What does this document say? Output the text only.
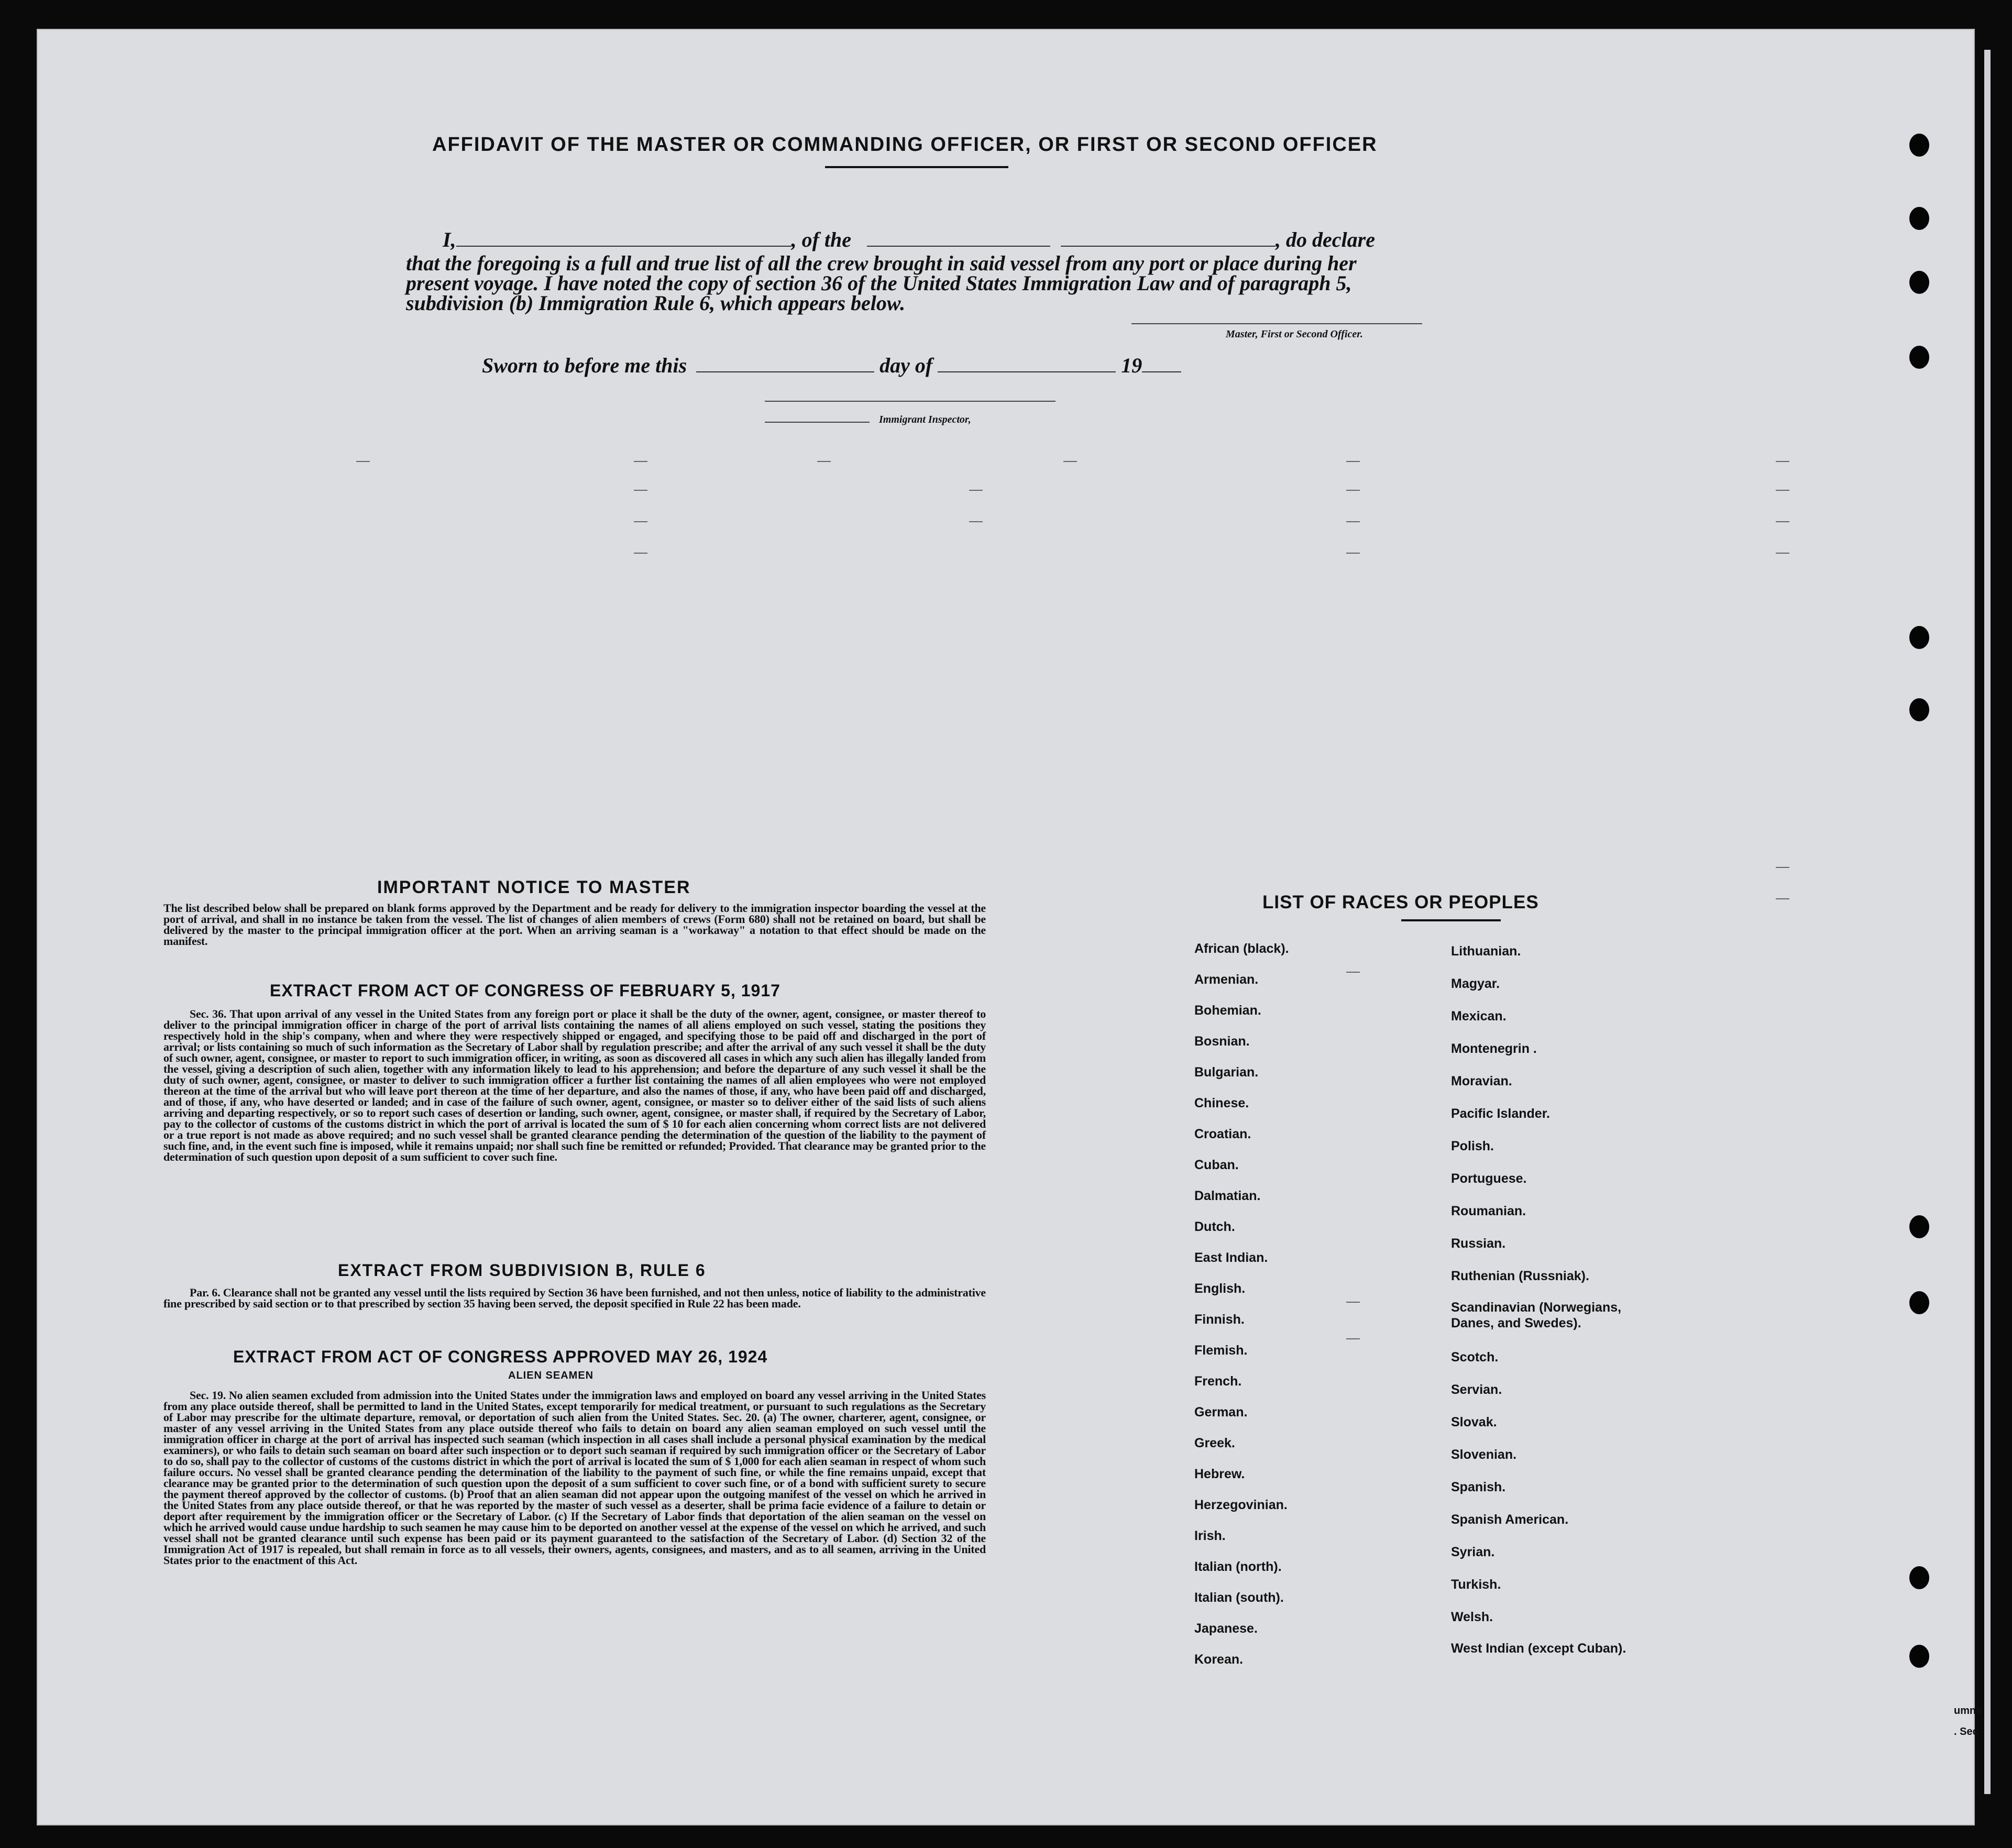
AFFIDAVIT OF THE MASTER OR COMMANDING OFFICER, OR FIRST OR SECOND OFFICER
I,	, of the	, do declare
that the foregoing is a full and true list of all the crew brought in said vessel from any port or place during her
present voyage. I have noted the copy of section 36 of the United States Immigration Law and of paragraph 5,
subdivision (b) Immigration Rule 6, which appears below.
Master, First or Second Officer.
Sworn to before me this	day of	19
Immigrant Inspector,
IMPORTANT NOTICE TO MASTER
The list described below shall be prepared on blank forms approved by the Department and be ready for delivery to the immigration inspector boarding the vessel at the port of arrival, and shall in no instance be taken from the vessel. The list of changes of alien members of crews (Form 680) shall not be retained on board, but shall be delivered by the master to the principal immigration officer at the port. When an arriving seaman is a "workaway" a notation to that effect should be made on the manifest.
EXTRACT FROM ACT OF CONGRESS OF FEBRUARY 5, 1917
Sec. 36. That upon arrival of any vessel in the United States from any foreign port or place it shall be the duty of the owner, agent, consignee, or master thereof to deliver to the principal immigration officer in charge of the port of arrival lists containing the names of all aliens employed on such vessel, stating the positions they respectively hold in the ship's company, when and where they were respectively shipped or engaged, and specifying those to be paid off and discharged in the port of arrival; or lists containing so much of such information as the Secretary of Labor shall by regulation prescribe; and after the arrival of any such vessel it shall be the duty of such owner, agent, consignee, or master to report to such immigration officer, in writing, as soon as discovered all cases in which any such alien has illegally landed from the vessel, giving a description of such alien, together with any information likely to lead to his apprehension; and before the departure of any such vessel it shall be the duty of such owner, agent, consignee, or master to deliver to such immigration officer a further list containing the names of all alien employees who were not employed thereon at the time of the arrival but who will leave port thereon at the time of her departure, and also the names of those, if any, who have been paid off and discharged, and of those, if any, who have deserted or landed; and in case of the failure of such owner, agent, consignee, or master so to deliver either of the said lists of such aliens arriving and departing respectively, or so to report such cases of desertion or landing, such owner, agent, consignee, or master shall, if required by the Secretary of Labor, pay to the collector of customs of the customs district in which the port of arrival is located the sum of $ 10 for each alien concerning whom correct lists are not delivered or a true report is not made as above required; and no such vessel shall be granted clearance pending the determination of the question of the liability to the payment of such fine, and, in the event such fine is imposed, while it remains unpaid; nor shall such fine be remitted or refunded; Provided. That clearance may be granted prior to the determination of such question upon deposit of a sum sufficient to cover such fine.
EXTRACT FROM SUBDIVISION B, RULE 6
Par. 6. Clearance shall not be granted any vessel until the lists required by Section 36 have been furnished, and not then unless, notice of liability to the administrative fine prescribed by said section or to that prescribed by section 35 having been served, the deposit specified in Rule 22 has been made.
EXTRACT FROM ACT OF CONGRESS APPROVED MAY 26, 1924
ALIEN SEAMEN
Sec. 19. No alien seamen excluded from admission into the United States under the immigration laws and employed on board any vessel arriving in the United States from any place outside thereof, shall be permitted to land in the United States, except temporarily for medical treatment, or pursuant to such regulations as the Secretary of Labor may prescribe for the ultimate departure, removal, or deportation of such alien from the United States. Sec. 20. (a) The owner, charterer, agent, consignee, or master of any vessel arriving in the United States from any place outside thereof who fails to detain on board any alien seaman employed on such vessel until the immigration officer in charge at the port of arrival has inspected such seaman (which inspection in all cases shall include a personal physical examination by the medical examiners), or who fails to detain such seaman on board after such inspection or to deport such seaman if required by such immigration officer or the Secretary of Labor to do so, shall pay to the collector of customs of the customs district in which the port of arrival is located the sum of $ 1,000 for each alien seaman in respect of whom such failure occurs. No vessel shall be granted clearance pending the determination of the liability to the payment of such fine, or while the fine remains unpaid, except that clearance may be granted prior to the determination of such question upon the deposit of a sum sufficient to cover such fine, or of a bond with sufficient surety to secure the payment thereof approved by the collector of customs. (b) Proof that an alien seaman did not appear upon the outgoing manifest of the vessel on which he arrived in the United States from any place outside thereof, or that he was reported by the master of such vessel as a deserter, shall be prima facie evidence of a failure to detain or deport after requirement by the immigration officer or the Secretary of Labor. (c) If the Secretary of Labor finds that deportation of the alien seaman on the vessel on which he arrived would cause undue hardship to such seamen he may cause him to be deported on another vessel at the expense of the vessel on which he arrived, and such vessel shall not be granted clearance until such expense has been paid or its payment guaranteed to the satisfaction of the Secretary of Labor. (d) Section 32 of the Immigration Act of 1917 is repealed, but shall remain in force as to all vessels, their owners, agents, consignees, and masters, and as to all seamen, arriving in the United States prior to the enactment of this Act.
LIST OF RACES OR PEOPLES
African (black).
Armenian.
Bohemian.
Bosnian.
Bulgarian.
Chinese.
Croatian.
Cuban.
Dalmatian.
Dutch.
East Indian.
English.
Finnish.
Flemish.
French.
German.
Greek.
Hebrew.
Herzegovinian.
Irish.
Italian (north).
Italian (south).
Japanese.
Korean.
Lithuanian.
Magyar.
Mexican.
Montenegrin .
Moravian.
Pacific Islander.
Polish.
Portuguese.
Roumanian.
Russian.
Ruthenian (Russniak).
Scandinavian (Norwegians, Danes, and Swedes).
Scotch.
Servian.
Slovak.
Slovenian.
Spanish.
Spanish American.
Syrian.
Turkish.
Welsh.
West Indian (except Cuban).
umns
. Sec
